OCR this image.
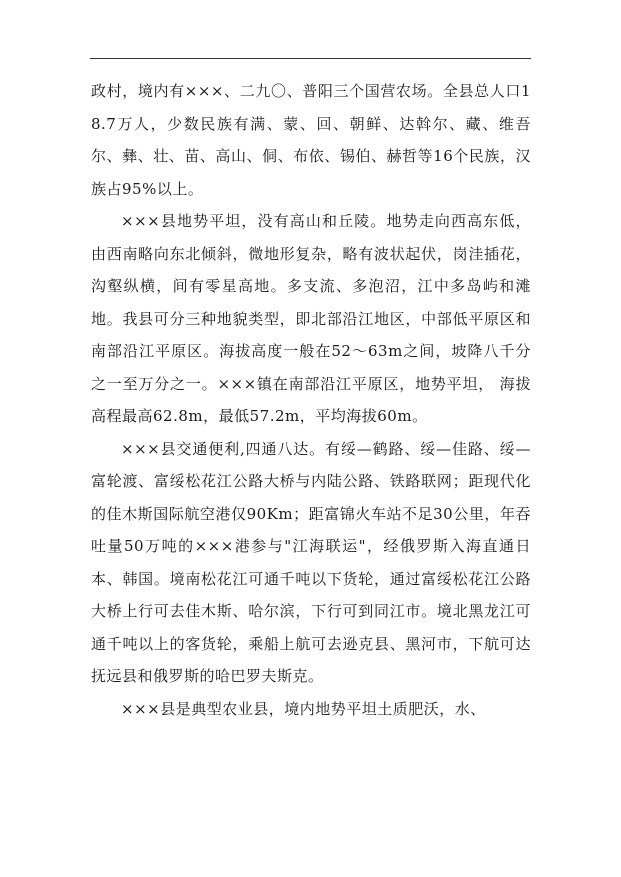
政村，境内有×××、二九〇、普阳三个国营农场。全县总人口18.7万人，少数民族有满、蒙、回、朝鲜、达斡尔、藏、维吾尔、彝、壮、苗、高山、侗、布依、锡伯、赫哲等16个民族，汉族占95%以上。

×××县地势平坦，没有高山和丘陵。地势走向西高东低，由西南略向东北倾斜，微地形复杂，略有波状起伏，岗洼插花，沟壑纵横，间有零星高地。多支流、多泡沼，江中多岛屿和滩地。我县可分三种地貌类型，即北部沿江地区，中部低平原区和南部沿江平原区。海拔高度一般在52～63m之间，坡降八千分之一至万分之一。×××镇在南部沿江平原区，地势平坦， 海拔高程最高62.8m，最低57.2m，平均海拔60m。

×××县交通便利,四通八达。有绥—鹤路、绥—佳路、绥—富轮渡、富绥松花江公路大桥与内陆公路、铁路联网；距现代化的佳木斯国际航空港仅90Km；距富锦火车站不足30公里，年吞吐量50万吨的×××港参与"江海联运"，经俄罗斯入海直通日本、韩国。境南松花江可通千吨以下货轮，通过富绥松花江公路大桥上行可去佳木斯、哈尔滨，下行可到同江市。境北黑龙江可通千吨以上的客货轮，乘船上航可去逊克县、黑河市，下航可达抚远县和俄罗斯的哈巴罗夫斯克。

×××县是典型农业县，境内地势平坦土质肥沃，水、
